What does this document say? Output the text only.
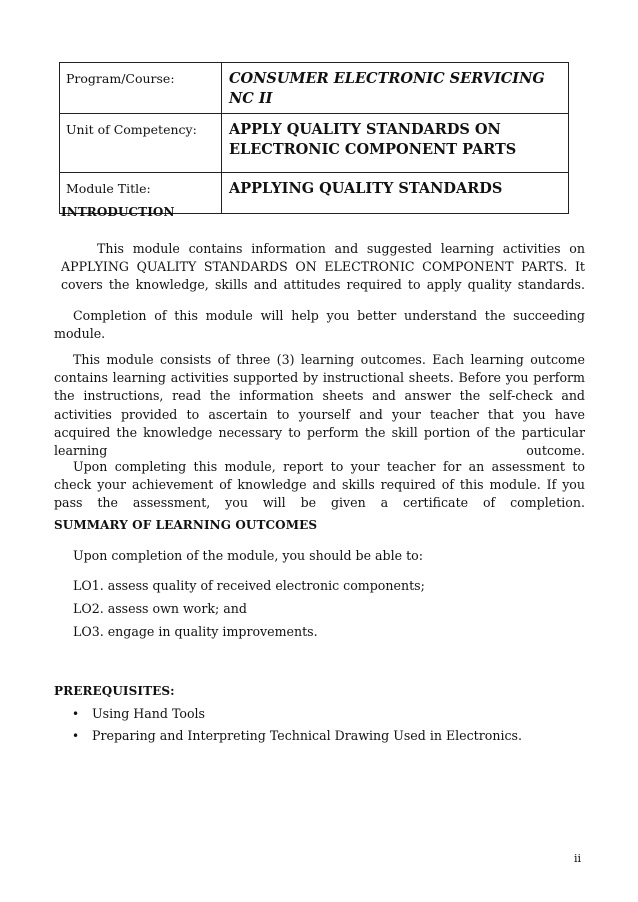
Program/Course:	CONSUMER ELECTRONIC SERVICING NC II
Unit of Competency:	APPLY QUALITY STANDARDS ON
ELECTRONIC COMPONENT PARTS

Module Title:	APPLYING QUALITY STANDARDS
INTRODUCTION
This module contains information and suggested learning activities on APPLYING QUALITY STANDARDS ON ELECTRONIC COMPONENT PARTS. It covers the knowledge, skills and attitudes required to apply quality standards.
Completion of this module will help you better understand the succeeding module.
This module consists of three (3) learning outcomes. Each learning outcome contains learning activities supported by instructional sheets. Before you perform the instructions, read the information sheets and answer the self-check and activities provided to ascertain to yourself and your teacher that you have acquired the knowledge necessary to perform the skill portion of the particular learning outcome.
Upon completing this module, report to your teacher for an assessment to check your achievement of knowledge and skills required of this module. If you pass the assessment, you will be given a certificate of completion.
SUMMARY OF LEARNING OUTCOMES
Upon completion of the module, you should be able to:
LO1. assess quality of received electronic components;
LO2. assess own work; and
LO3. engage in quality improvements.
PREREQUISITES:
• Using Hand Tools
• Preparing and Interpreting Technical Drawing Used in Electronics.
ii
